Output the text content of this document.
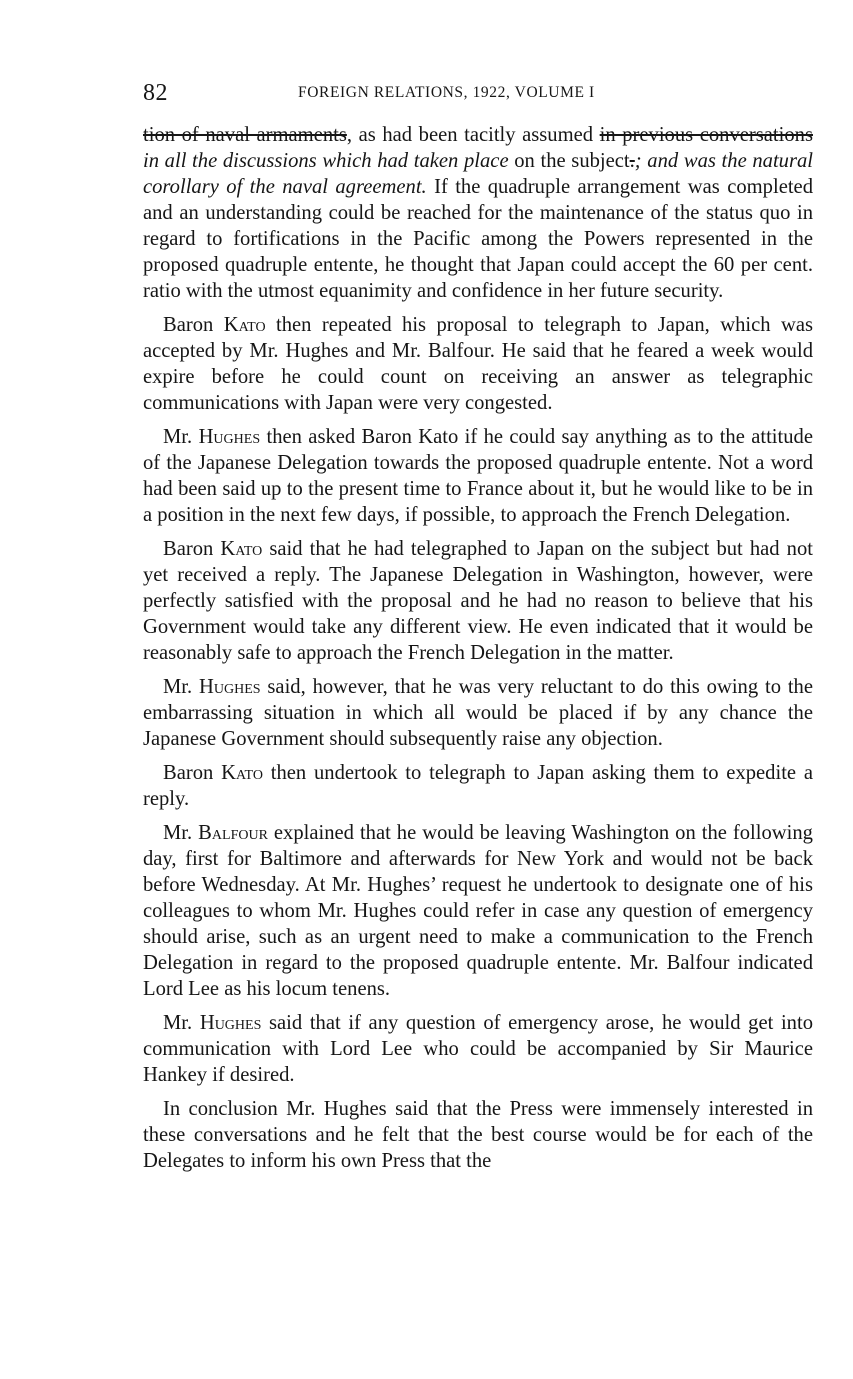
82	FOREIGN RELATIONS, 1922, VOLUME I

tion of naval armaments, as had been tacitly assumed in previous conversations in all the discussions which had taken place on the subject.; and was the natural corollary of the naval agreement. If the quadruple arrangement was completed and an understanding could be reached for the maintenance of the status quo in regard to fortifications in the Pacific among the Powers represented in the proposed quadruple entente, he thought that Japan could accept the 60 per cent. ratio with the utmost equanimity and confidence in her future security.

Baron Kato then repeated his proposal to telegraph to Japan, which was accepted by Mr. Hughes and Mr. Balfour. He said that he feared a week would expire before he could count on receiving an answer as telegraphic communications with Japan were very congested.

Mr. Hughes then asked Baron Kato if he could say anything as to the attitude of the Japanese Delegation towards the proposed quadruple entente. Not a word had been said up to the present time to France about it, but he would like to be in a position in the next few days, if possible, to approach the French Delegation.

Baron Kato said that he had telegraphed to Japan on the subject but had not yet received a reply. The Japanese Delegation in Washington, however, were perfectly satisfied with the proposal and he had no reason to believe that his Government would take any different view. He even indicated that it would be reasonably safe to approach the French Delegation in the matter.

Mr. Hughes said, however, that he was very reluctant to do this owing to the embarrassing situation in which all would be placed if by any chance the Japanese Government should subsequently raise any objection.

Baron Kato then undertook to telegraph to Japan asking them to expedite a reply.

Mr. Balfour explained that he would be leaving Washington on the following day, first for Baltimore and afterwards for New York and would not be back before Wednesday. At Mr. Hughes’ request he undertook to designate one of his colleagues to whom Mr. Hughes could refer in case any question of emergency should arise, such as an urgent need to make a communication to the French Delegation in regard to the proposed quadruple entente. Mr. Balfour indicated Lord Lee as his locum tenens.

Mr. Hughes said that if any question of emergency arose, he would get into communication with Lord Lee who could be accompanied by Sir Maurice Hankey if desired.

In conclusion Mr. Hughes said that the Press were immensely interested in these conversations and he felt that the best course would be for each of the Delegates to inform his own Press that the
